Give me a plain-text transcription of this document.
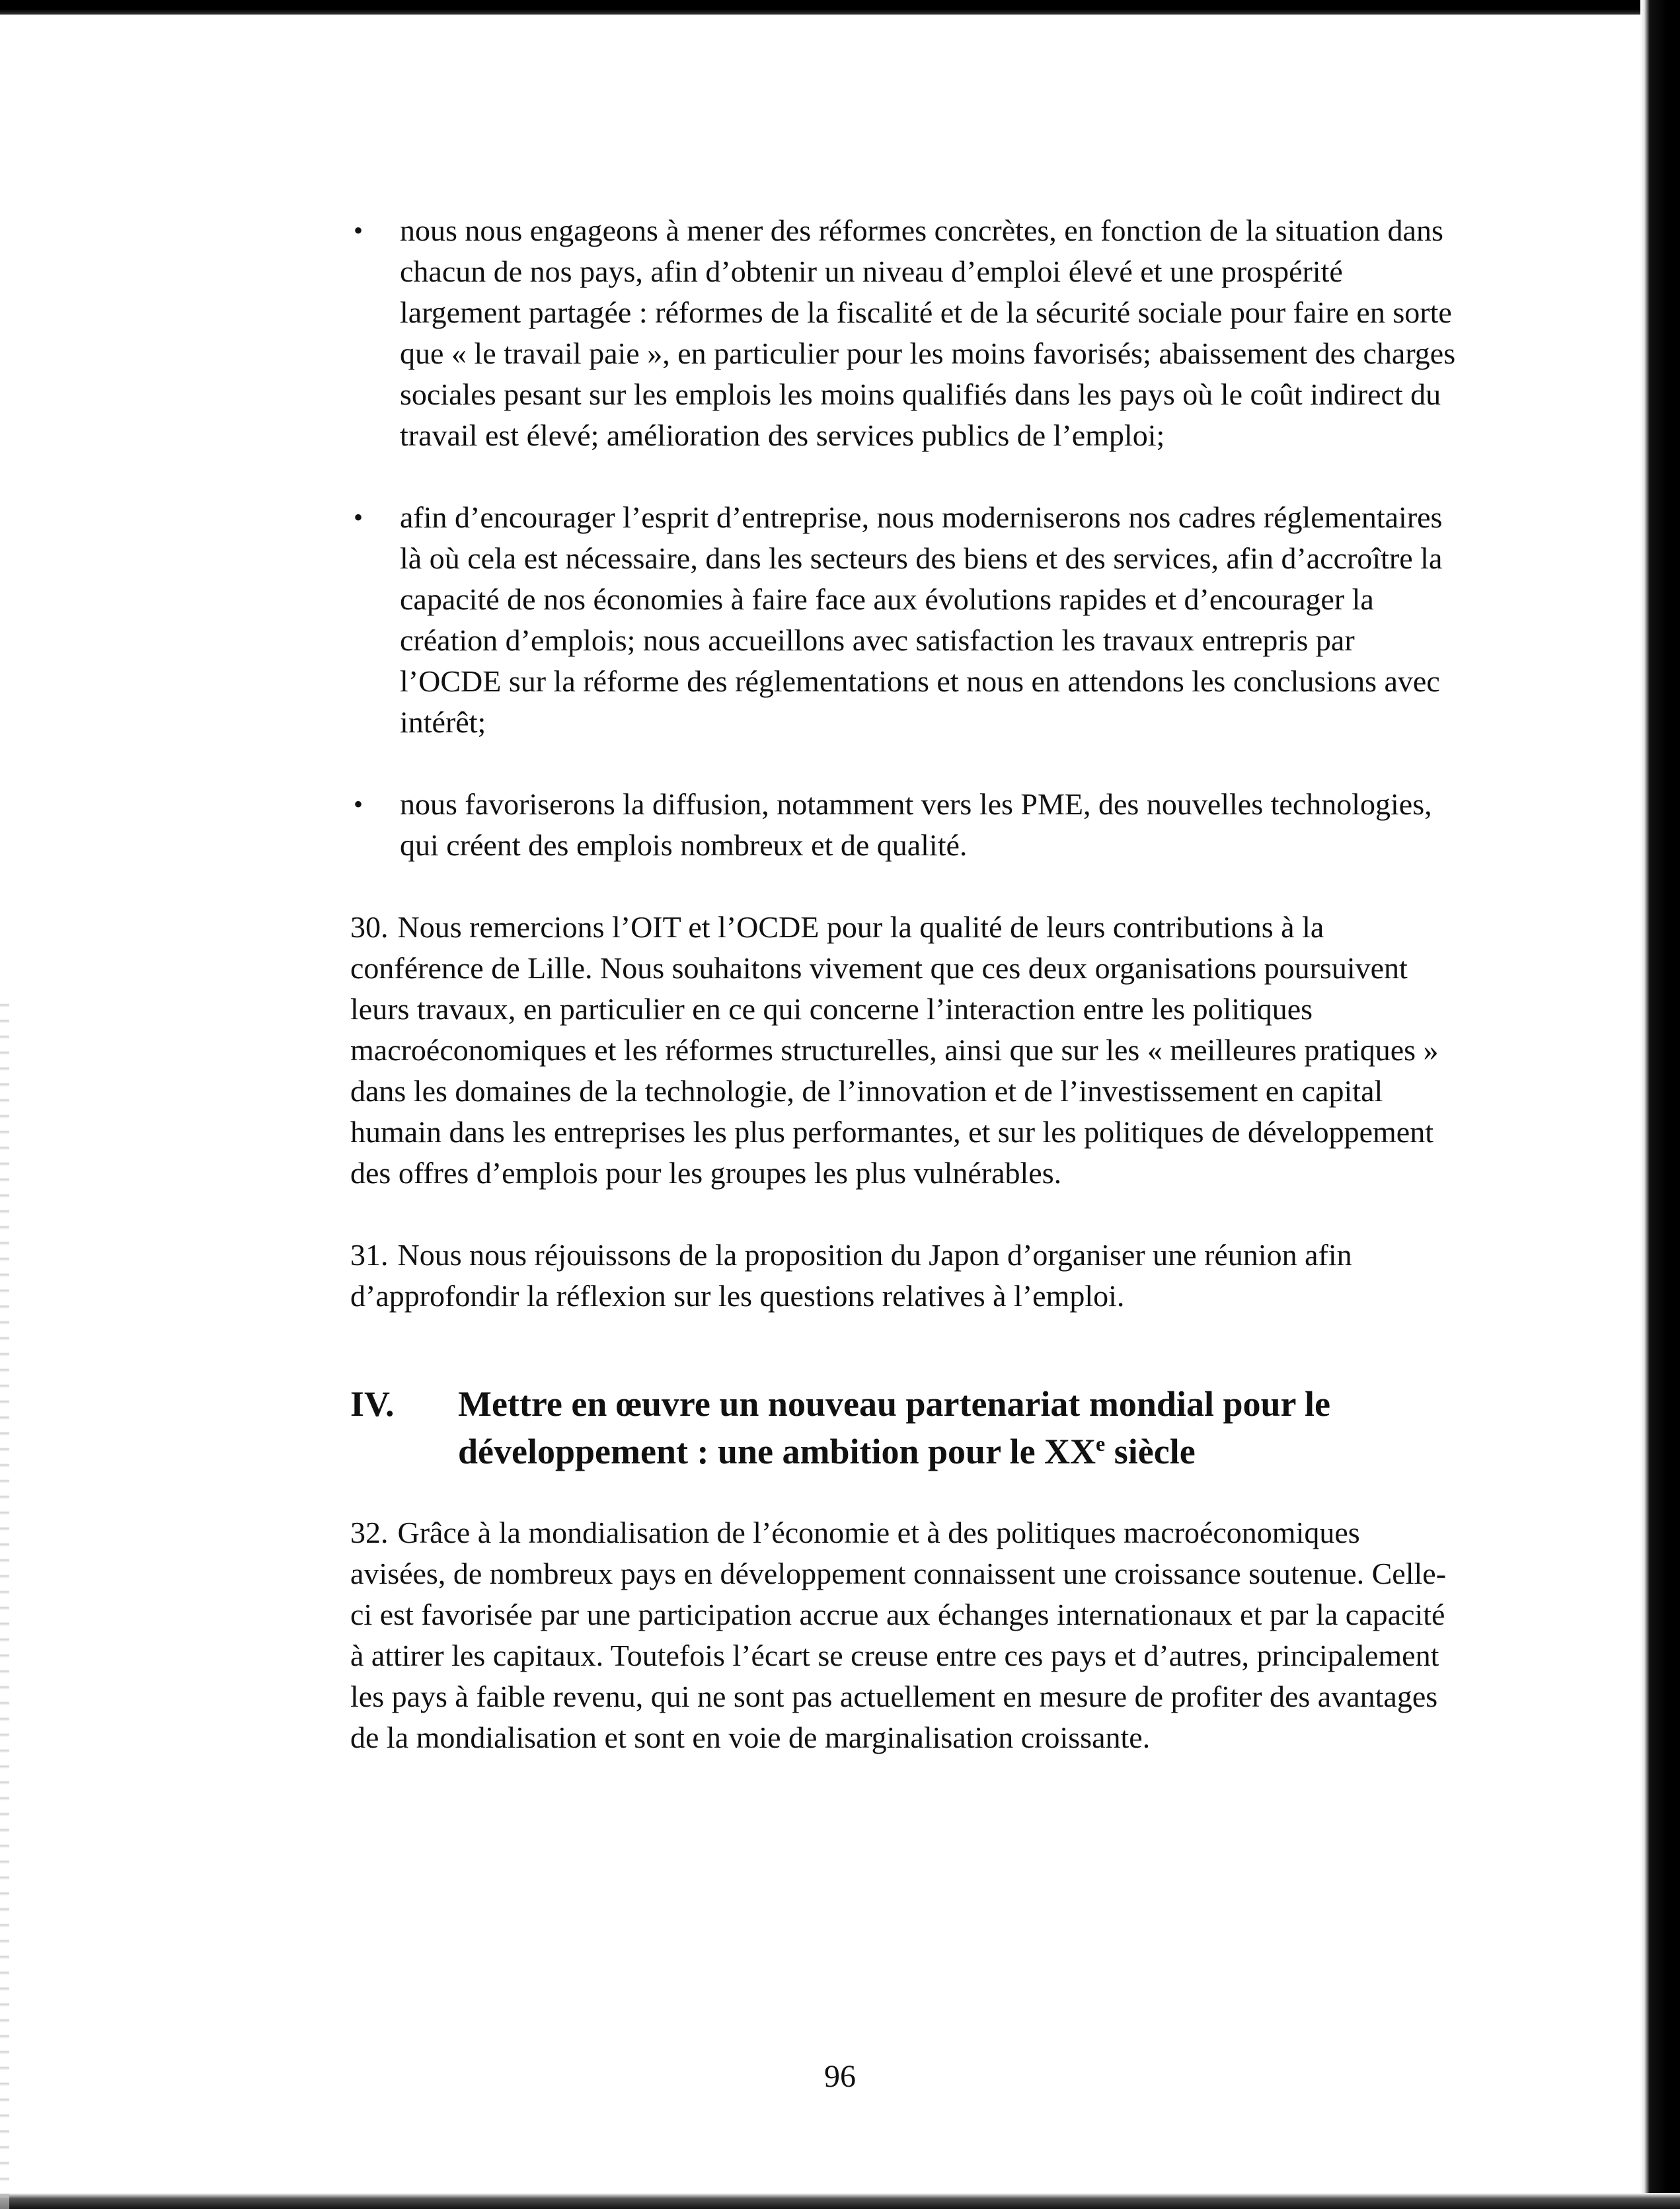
• nous nous engageons à mener des réformes concrètes, en fonction de la situation dans chacun de nos pays, afin d’obtenir un niveau d’emploi élevé et une prospérité largement partagée : réformes de la fiscalité et de la sécurité sociale pour faire en sorte que « le travail paie », en particulier pour les moins favorisés; abaissement des charges sociales pesant sur les emplois les moins qualifiés dans les pays où le coût indirect du travail est élevé; amélioration des services publics de l’emploi;
• afin d’encourager l’esprit d’entreprise, nous moderniserons nos cadres réglementaires là où cela est nécessaire, dans les secteurs des biens et des services, afin d’accroître la capacité de nos économies à faire face aux évolutions rapides et d’encourager la création d’emplois; nous accueillons avec satisfaction les travaux entrepris par l’OCDE sur la réforme des réglementations et nous en attendons les conclusions avec intérêt;
• nous favoriserons la diffusion, notamment vers les PME, des nouvelles technologies, qui créent des emplois nombreux et de qualité.

30. Nous remercions l’OIT et l’OCDE pour la qualité de leurs contributions à la conférence de Lille. Nous souhaitons vivement que ces deux organisations poursuivent leurs travaux, en particulier en ce qui concerne l’interaction entre les politiques macroéconomiques et les réformes structurelles, ainsi que sur les « meilleures pratiques » dans les domaines de la technologie, de l’innovation et de l’investissement en capital humain dans les entreprises les plus performantes, et sur les politiques de développement des offres d’emplois pour les groupes les plus vulnérables.

31. Nous nous réjouissons de la proposition du Japon d’organiser une réunion afin d’approfondir la réflexion sur les questions relatives à l’emploi.

IV.	Mettre en œuvre un nouveau partenariat mondial pour le développement : une ambition pour le XXe siècle

32. Grâce à la mondialisation de l’économie et à des politiques macroéconomiques avisées, de nombreux pays en développement connaissent une croissance soutenue. Celle-ci est favorisée par une participation accrue aux échanges internationaux et par la capacité à attirer les capitaux. Toutefois l’écart se creuse entre ces pays et d’autres, principalement les pays à faible revenu, qui ne sont pas actuellement en mesure de profiter des avantages de la mondialisation et sont en voie de marginalisation croissante.

96
